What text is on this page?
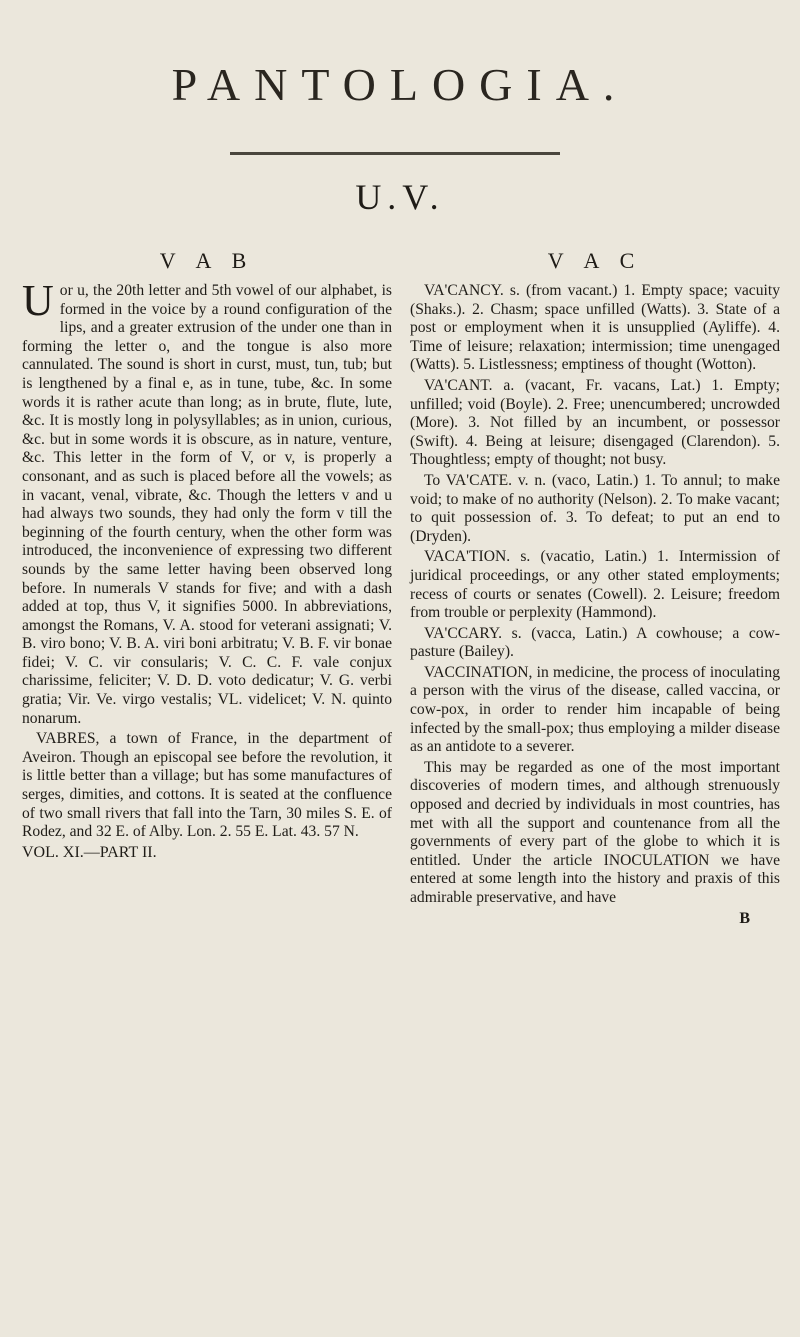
PANTOLOGIA.
U.V.
V A B

Uor u, the 20th letter and 5th vowel of our alphabet, is formed in the voice by a round configuration of the lips, and a greater extrusion of the under one than in forming the letter o, and the tongue is also more cannulated. The sound is short in curst, must, tun, tub; but is lengthened by a final e, as in tune, tube, &c. In some words it is rather acute than long; as in brute, flute, lute, &c. It is mostly long in polysyllables; as in union, curious, &c. but in some words it is obscure, as in nature, venture, &c. This letter in the form of V, or v, is properly a consonant, and as such is placed before all the vowels; as in vacant, venal, vibrate, &c. Though the letters v and u had always two sounds, they had only the form v till the beginning of the fourth century, when the other form was introduced, the inconvenience of expressing two different sounds by the same letter having been observed long before. In numerals V stands for five; and with a dash added at top, thus V, it signifies 5000. In abbreviations, amongst the Romans, V. A. stood for veterani assignati; V. B. viro bono; V. B. A. viri boni arbitratu; V. B. F. vir bonae fidei; V. C. vir consularis; V. C. C. F. vale conjux charissime, feliciter; V. D. D. voto dedicatur; V. G. verbi gratia; Vir. Ve. virgo vestalis; VL. videlicet; V. N. quinto nonarum.

VABRES, a town of France, in the department of Aveiron. Though an episcopal see before the revolution, it is little better than a village; but has some manufactures of serges, dimities, and cottons. It is seated at the confluence of two small rivers that fall into the Tarn, 30 miles S. E. of Rodez, and 32 E. of Alby. Lon. 2. 55 E. Lat. 43. 57 N.

VOL. XI.—PART II.
V A C

VA'CANCY. s. (from vacant.) 1. Empty space; vacuity (Shaks.). 2. Chasm; space unfilled (Watts). 3. State of a post or employment when it is unsupplied (Ayliffe). 4. Time of leisure; relaxation; intermission; time unengaged (Watts). 5. Listlessness; emptiness of thought (Wotton).

VA'CANT. a. (vacant, Fr. vacans, Lat.) 1. Empty; unfilled; void (Boyle). 2. Free; unencumbered; uncrowded (More). 3. Not filled by an incumbent, or possessor (Swift). 4. Being at leisure; disengaged (Clarendon). 5. Thoughtless; empty of thought; not busy.

To VA'CATE. v. n. (vaco, Latin.) 1. To annul; to make void; to make of no authority (Nelson). 2. To make vacant; to quit possession of. 3. To defeat; to put an end to (Dryden).

VACA'TION. s. (vacatio, Latin.) 1. Intermission of juridical proceedings, or any other stated employments; recess of courts or senates (Cowell). 2. Leisure; freedom from trouble or perplexity (Hammond).

VA'CCARY. s. (vacca, Latin.) A cowhouse; a cow-pasture (Bailey).

VACCINATION, in medicine, the process of inoculating a person with the virus of the disease, called vaccina, or cow-pox, in order to render him incapable of being infected by the small-pox; thus employing a milder disease as an antidote to a severer.

This may be regarded as one of the most important discoveries of modern times, and although strenuously opposed and decried by individuals in most countries, has met with all the support and countenance from all the governments of every part of the globe to which it is entitled. Under the article INOCULATION we have entered at some length into the history and praxis of this admirable preservative, and have

B
